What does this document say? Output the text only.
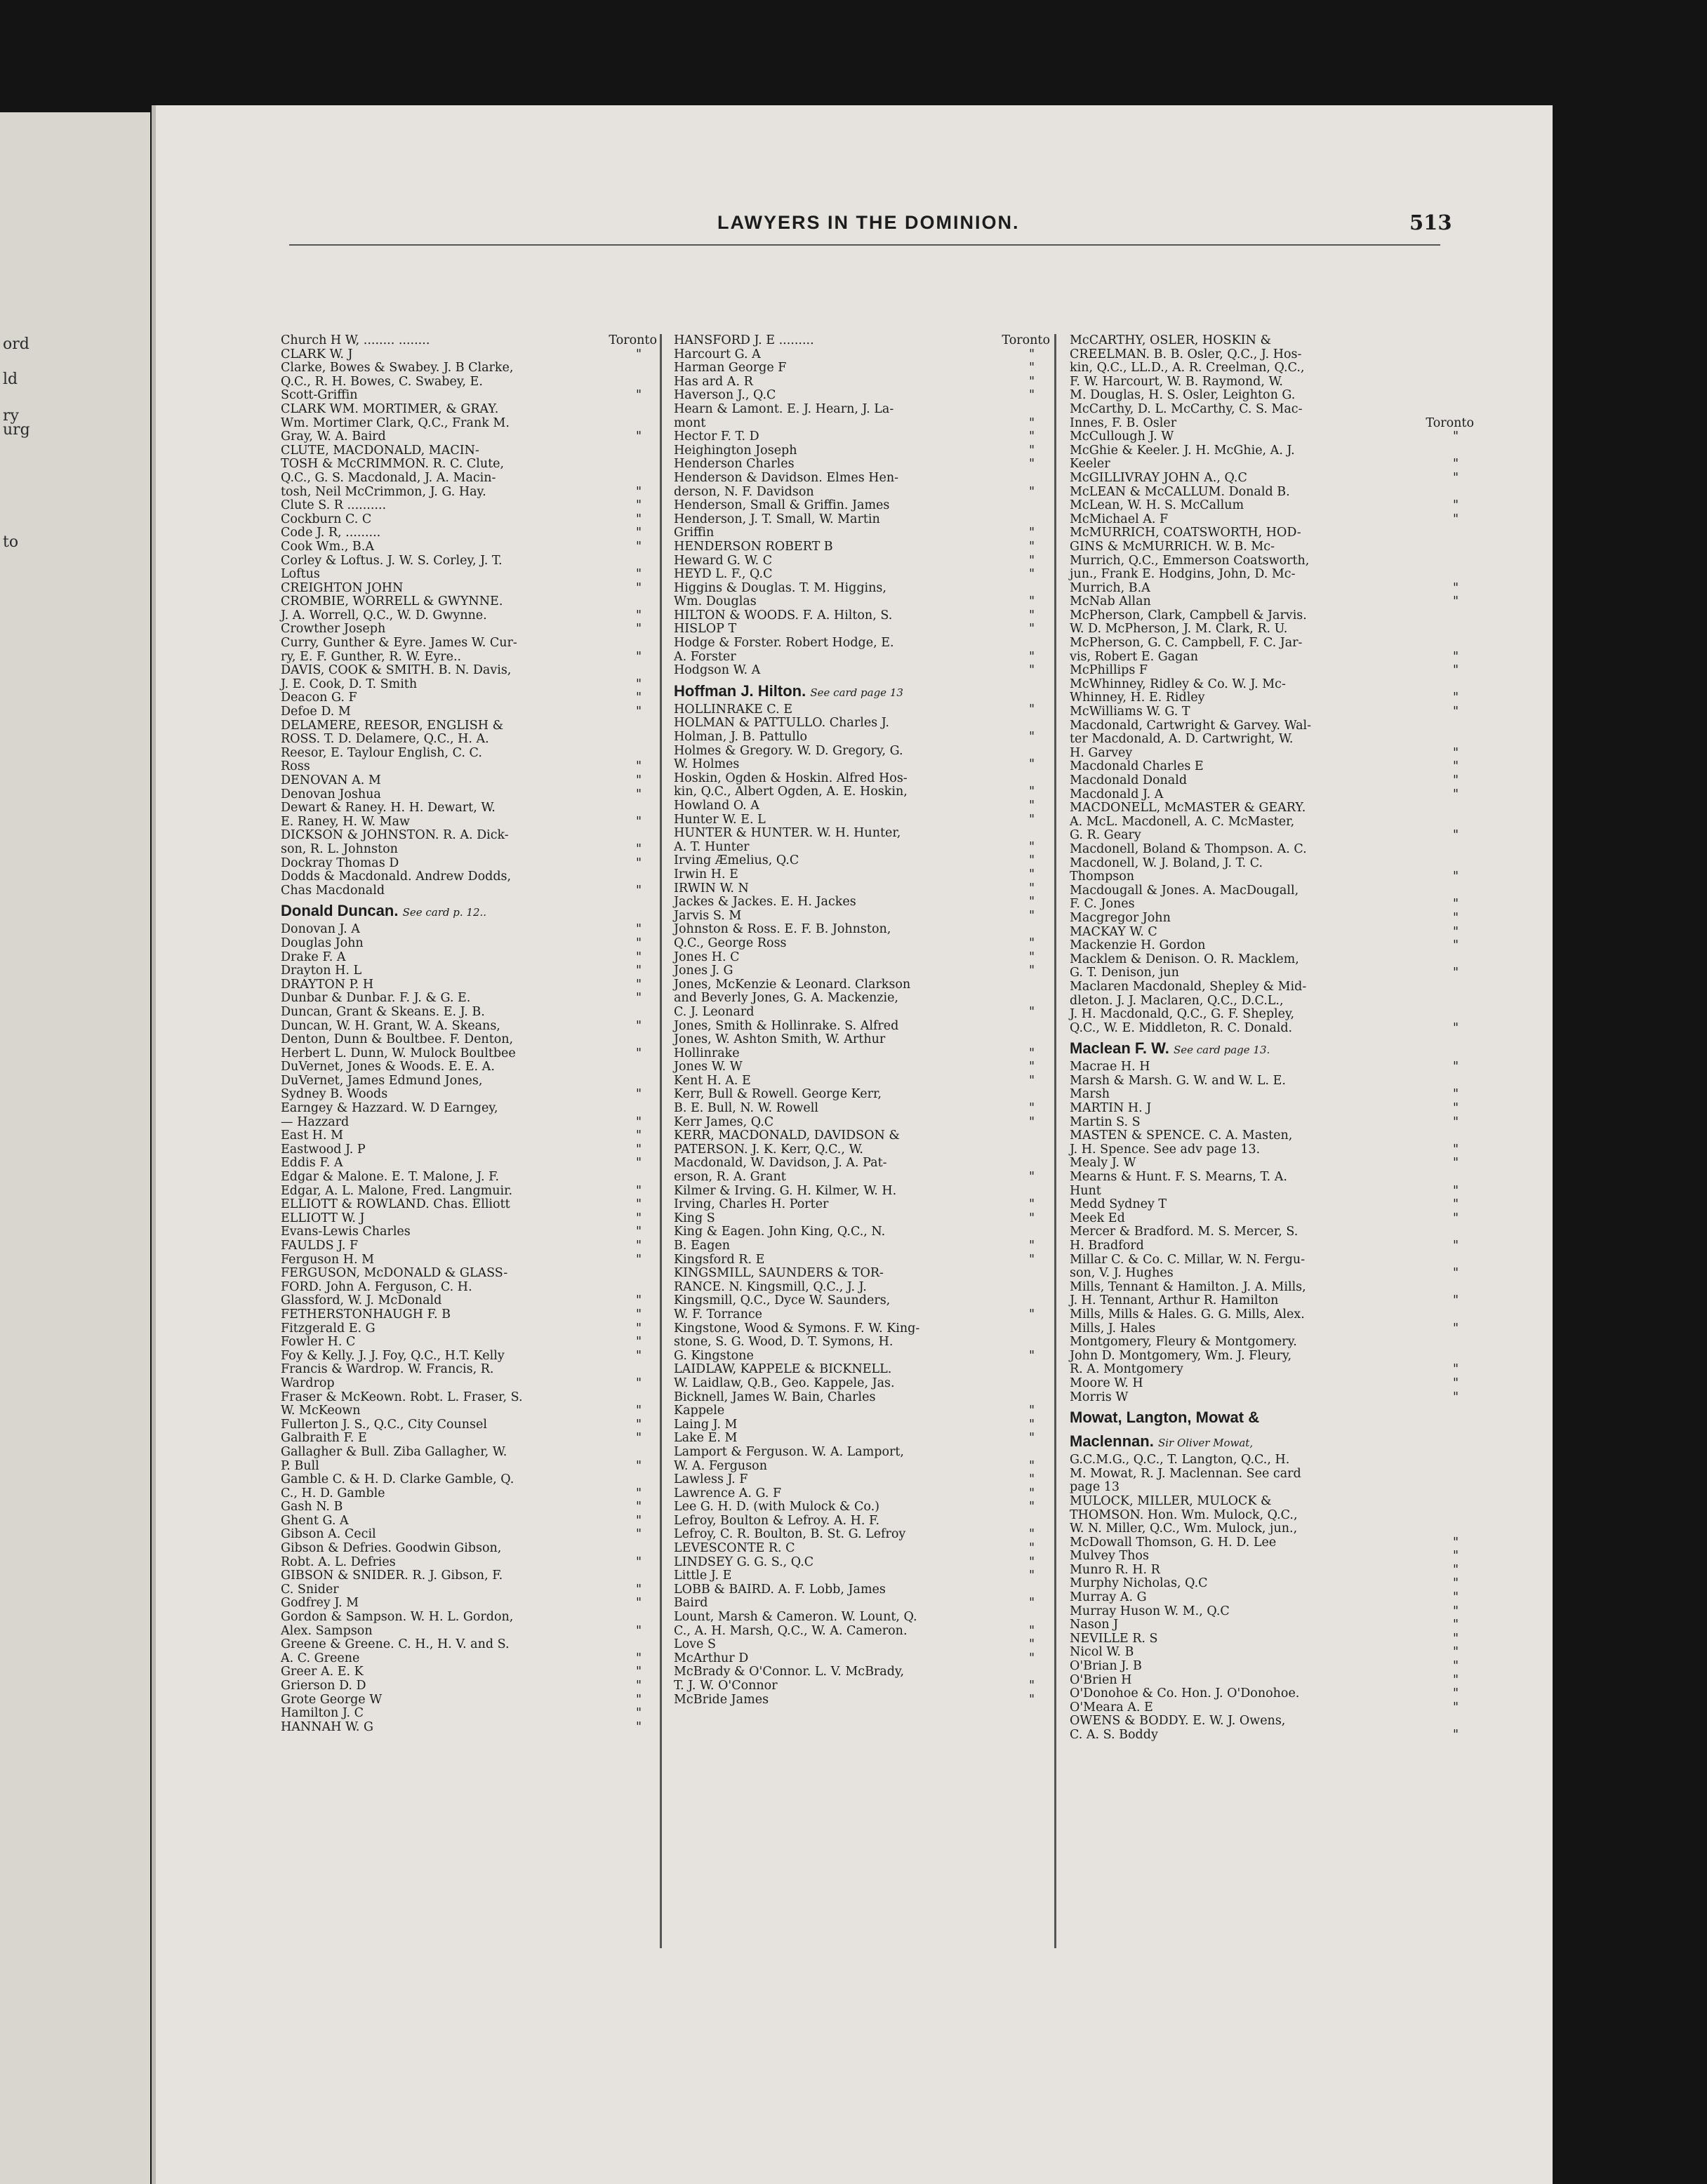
ord
ld
ry
urg
to
LAWYERS IN THE DOMINION.	513
Church H W, ........ ........	Toronto
CLARK W. J	"
Clarke, Bowes & Swabey. J. B Clarke,
Q.C., R. H. Bowes, C. Swabey, E.
Scott-Griffin	"
CLARK WM. MORTIMER, & GRAY.
Wm. Mortimer Clark, Q.C., Frank M.
Gray, W. A. Baird	"
CLUTE, MACDONALD, MACIN-
TOSH & McCRIMMON. R. C. Clute,
Q.C., G. S. Macdonald, J. A. Macin-
tosh, Neil McCrimmon, J. G. Hay.	"
Clute S. R ..........	"
Cockburn C. C	"
Code J. R, .........	"
Cook Wm., B.A	"
Corley & Loftus. J. W. S. Corley, J. T.
Loftus	"
CREIGHTON JOHN	"
CROMBIE, WORRELL & GWYNNE.
J. A. Worrell, Q.C., W. D. Gwynne.	"
Crowther Joseph	"
Curry, Gunther & Eyre. James W. Cur-
ry, E. F. Gunther, R. W. Eyre..	"
DAVIS, COOK & SMITH. B. N. Davis,
J. E. Cook, D. T. Smith	"
Deacon G. F	"
Defoe D. M	"
DELAMERE, REESOR, ENGLISH &
ROSS. T. D. Delamere, Q.C., H. A.
Reesor, E. Taylour English, C. C.
Ross	"
DENOVAN A. M	"
Denovan Joshua	"
Dewart & Raney. H. H. Dewart, W.
E. Raney, H. W. Maw	"
DICKSON & JOHNSTON. R. A. Dick-
son, R. L. Johnston	"
Dockray Thomas D	"
Dodds & Macdonald. Andrew Dodds,
Chas Macdonald	"
Donald Duncan. See card p. 12..
Donovan J. A	"
Douglas John	"
Drake F. A	"
Drayton H. L	"
DRAYTON P. H	"
Dunbar & Dunbar. F. J. & G. E.	"
Duncan, Grant & Skeans. E. J. B.
Duncan, W. H. Grant, W. A. Skeans,	"
Denton, Dunn & Boultbee. F. Denton,
Herbert L. Dunn, W. Mulock Boultbee	"
DuVernet, Jones & Woods. E. E. A.
DuVernet, James Edmund Jones,
Sydney B. Woods	"
Earngey & Hazzard. W. D Earngey,
— Hazzard	"
East H. M	"
Eastwood J. P	"
Eddis F. A	"
Edgar & Malone. E. T. Malone, J. F.
Edgar, A. L. Malone, Fred. Langmuir.	"
ELLIOTT & ROWLAND. Chas. Elliott	"
ELLIOTT W. J	"
Evans-Lewis Charles	"
FAULDS J. F	"
Ferguson H. M	"
FERGUSON, McDONALD & GLASS-
FORD. John A. Ferguson, C. H.
Glassford, W. J. McDonald	"
FETHERSTONHAUGH F. B	"
Fitzgerald E. G	"
Fowler H. C	"
Foy & Kelly. J. J. Foy, Q.C., H.T. Kelly	"
Francis & Wardrop. W. Francis, R.
Wardrop	"
Fraser & McKeown. Robt. L. Fraser, S.
W. McKeown	"
Fullerton J. S., Q.C., City Counsel	"
Galbraith F. E	"
Gallagher & Bull. Ziba Gallagher, W.
P. Bull	"
Gamble C. & H. D. Clarke Gamble, Q.
C., H. D. Gamble	"
Gash N. B	"
Ghent G. A	"
Gibson A. Cecil	"
Gibson & Defries. Goodwin Gibson,
Robt. A. L. Defries	"
GIBSON & SNIDER. R. J. Gibson, F.
C. Snider	"
Godfrey J. M	"
Gordon & Sampson. W. H. L. Gordon,
Alex. Sampson	"
Greene & Greene. C. H., H. V. and S.
A. C. Greene	"
Greer A. E. K	"
Grierson D. D	"
Grote George W	"
Hamilton J. C	"
HANNAH W. G	"
HANSFORD J. E .........	Toronto
Harcourt G. A	"
Harman George F	"
Has ard A. R	"
Haverson J., Q.C	"
Hearn & Lamont. E. J. Hearn, J. La-
mont	"
Hector F. T. D	"
Heighington Joseph	"
Henderson Charles	"
Henderson & Davidson. Elmes Hen-
derson, N. F. Davidson	"
Henderson, Small & Griffin. James
Henderson, J. T. Small, W. Martin
Griffin	"
HENDERSON ROBERT B	"
Heward G. W. C	"
HEYD L. F., Q.C	"
Higgins & Douglas. T. M. Higgins,
Wm. Douglas	"
HILTON & WOODS. F. A. Hilton, S.	"
HISLOP T	"
Hodge & Forster. Robert Hodge, E.
A. Forster	"
Hodgson W. A	"
Hoffman J. Hilton. See card page 13
HOLLINRAKE C. E	"
HOLMAN & PATTULLO. Charles J.
Holman, J. B. Pattullo	"
Holmes & Gregory. W. D. Gregory, G.
W. Holmes	"
Hoskin, Ogden & Hoskin. Alfred Hos-
kin, Q.C., Albert Ogden, A. E. Hoskin,	"
Howland O. A	"
Hunter W. E. L	"
HUNTER & HUNTER. W. H. Hunter,
A. T. Hunter	"
Irving Æmelius, Q.C	"
Irwin H. E	"
IRWIN W. N	"
Jackes & Jackes. E. H. Jackes	"
Jarvis S. M	"
Johnston & Ross. E. F. B. Johnston,
Q.C., George Ross	"
Jones H. C	"
Jones J. G	"
Jones, McKenzie & Leonard. Clarkson
and Beverly Jones, G. A. Mackenzie,
C. J. Leonard	"
Jones, Smith & Hollinrake. S. Alfred
Jones, W. Ashton Smith, W. Arthur
Hollinrake	"
Jones W. W	"
Kent H. A. E	"
Kerr, Bull & Rowell. George Kerr,
B. E. Bull, N. W. Rowell	"
Kerr James, Q.C	"
KERR, MACDONALD, DAVIDSON &
PATERSON. J. K. Kerr, Q.C., W.
Macdonald, W. Davidson, J. A. Pat-
erson, R. A. Grant	"
Kilmer & Irving. G. H. Kilmer, W. H.
Irving, Charles H. Porter	"
King S	"
King & Eagen. John King, Q.C., N.
B. Eagen	"
Kingsford R. E	"
KINGSMILL, SAUNDERS & TOR-
RANCE. N. Kingsmill, Q.C., J. J.
Kingsmill, Q.C., Dyce W. Saunders,
W. F. Torrance	"
Kingstone, Wood & Symons. F. W. King-
stone, S. G. Wood, D. T. Symons, H.
G. Kingstone	"
LAIDLAW, KAPPELE & BICKNELL.
W. Laidlaw, Q.B., Geo. Kappele, Jas.
Bicknell, James W. Bain, Charles
Kappele	"
Laing J. M	"
Lake E. M	"
Lamport & Ferguson. W. A. Lamport,
W. A. Ferguson	"
Lawless J. F	"
Lawrence A. G. F	"
Lee G. H. D. (with Mulock & Co.)	"
Lefroy, Boulton & Lefroy. A. H. F.
Lefroy, C. R. Boulton, B. St. G. Lefroy	"
LEVESCONTE R. C	"
LINDSEY G. G. S., Q.C	"
Little J. E	"
LOBB & BAIRD. A. F. Lobb, James
Baird	"
Lount, Marsh & Cameron. W. Lount, Q.
C., A. H. Marsh, Q.C., W. A. Cameron.	"
Love S	"
McArthur D	"
McBrady & O'Connor. L. V. McBrady,
T. J. W. O'Connor	"
McBride James	"
McCARTHY, OSLER, HOSKIN &
CREELMAN. B. B. Osler, Q.C., J. Hos-
kin, Q.C., LL.D., A. R. Creelman, Q.C.,
F. W. Harcourt, W. B. Raymond, W.
M. Douglas, H. S. Osler, Leighton G.
McCarthy, D. L. McCarthy, C. S. Mac-
Innes, F. B. Osler	Toronto
McCullough J. W	"
McGhie & Keeler. J. H. McGhie, A. J.
Keeler	"
McGILLIVRAY JOHN A., Q.C	"
McLEAN & McCALLUM. Donald B.
McLean, W. H. S. McCallum	"
McMichael A. F	"
McMURRICH, COATSWORTH, HOD-
GINS & McMURRICH. W. B. Mc-
Murrich, Q.C., Emmerson Coatsworth,
jun., Frank E. Hodgins, John, D. Mc-
Murrich, B.A	"
McNab Allan	"
McPherson, Clark, Campbell & Jarvis.
W. D. McPherson, J. M. Clark, R. U.
McPherson, G. C. Campbell, F. C. Jar-
vis, Robert E. Gagan	"
McPhillips F	"
McWhinney, Ridley & Co. W. J. Mc-
Whinney, H. E. Ridley	"
McWilliams W. G. T	"
Macdonald, Cartwright & Garvey. Wal-
ter Macdonald, A. D. Cartwright, W.
H. Garvey	"
Macdonald Charles E	"
Macdonald Donald	"
Macdonald J. A	"
MACDONELL, McMASTER & GEARY.
A. McL. Macdonell, A. C. McMaster,
G. R. Geary	"
Macdonell, Boland & Thompson. A. C.
Macdonell, W. J. Boland, J. T. C.
Thompson	"
Macdougall & Jones. A. MacDougall,
F. C. Jones	"
Macgregor John	"
MACKAY W. C	"
Mackenzie H. Gordon	"
Macklem & Denison. O. R. Macklem,
G. T. Denison, jun	"
Maclaren Macdonald, Shepley & Mid-
dleton. J. J. Maclaren, Q.C., D.C.L.,
J. H. Macdonald, Q.C., G. F. Shepley,
Q.C., W. E. Middleton, R. C. Donald.	"
Maclean F. W. See card page 13.
Macrae H. H	"
Marsh & Marsh. G. W. and W. L. E.
Marsh	"
MARTIN H. J	"
Martin S. S	"
MASTEN & SPENCE. C. A. Masten,
J. H. Spence. See adv page 13.	"
Mealy J. W	"
Mearns & Hunt. F. S. Mearns, T. A.
Hunt	"
Medd Sydney T	"
Meek Ed	"
Mercer & Bradford. M. S. Mercer, S.
H. Bradford	"
Millar C. & Co. C. Millar, W. N. Fergu-
son, V. J. Hughes	"
Mills, Tennant & Hamilton. J. A. Mills,
J. H. Tennant, Arthur R. Hamilton	"
Mills, Mills & Hales. G. G. Mills, Alex.
Mills, J. Hales	"
Montgomery, Fleury & Montgomery.
John D. Montgomery, Wm. J. Fleury,
R. A. Montgomery	"
Moore W. H	"
Morris W	"
Mowat, Langton, Mowat &
Maclennan. Sir Oliver Mowat,
G.C.M.G., Q.C., T. Langton, Q.C., H.
M. Mowat, R. J. Maclennan. See card
page 13
MULOCK, MILLER, MULOCK &
THOMSON. Hon. Wm. Mulock, Q.C.,
W. N. Miller, Q.C., Wm. Mulock, jun.,
McDowall Thomson, G. H. D. Lee	"
Mulvey Thos	"
Munro R. H. R	"
Murphy Nicholas, Q.C	"
Murray A. G	"
Murray Huson W. M., Q.C	"
Nason J	"
NEVILLE R. S	"
Nicol W. B	"
O'Brian J. B	"
O'Brien H	"
O'Donohoe & Co. Hon. J. O'Donohoe.	"
O'Meara A. E	"
OWENS & BODDY. E. W. J. Owens,
C. A. S. Boddy	"
